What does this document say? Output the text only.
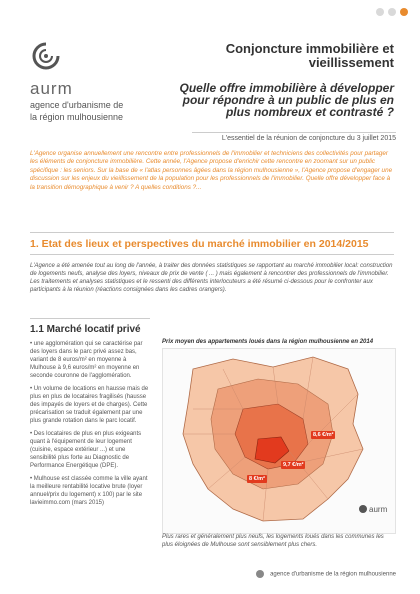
aurm
agence d'urbanisme de
la région mulhousienne
Conjoncture immobilière et vieillissement
Quelle offre immobilière à développer pour répondre à un public de plus en plus nombreux et contrasté ?
L'essentiel de la réunion de conjoncture du 3 juillet 2015
L'Agence organise annuellement une rencontre entre professionnels de l'immobilier et techniciens des collectivités pour partager les éléments de conjoncture immobilière. Cette année, l'Agence propose d'enrichir cette rencontre en zoomant sur un public spécifique : les seniors. Sur la base de « l'atlas personnes âgées dans la région mulhousienne », l'Agence propose d'engager une discussion sur les enjeux du vieillissement de la population pour les professionnels de l'immobilier. Quelle offre développer face à la transition démographique à venir ? A quelles conditions ?...
1. Etat des lieux et perspectives du marché immobilier en 2014/2015
L'Agence a été amenée tout au long de l'année, à traiter des données statistiques se rapportant au marché immobilier local: construction de logements neufs, analyse des loyers, niveaux de prix de vente ( ... ) mais également à rencontrer des professionnels de l'immobilier. Les traitements et analyses statistiques et le ressenti des différents interlocuteurs a été résumé ci-dessous pour le confronter aux participants à la réunion (réactions consignées dans les cadres orangers).
1.1 Marché locatif privé
• une agglomération qui se caractérise par des loyers dans le parc privé assez bas, variant de 8 euros/m² en moyenne à Mulhouse à 9,6 euros/m² en moyenne en seconde couronne de l'agglomération.
• Un volume de locations en hausse mais de plus en plus de locataires fragilisés (hausse des impayés de loyers et de charges). Cette précarisation se traduit également par une plus grande rotation dans le parc locatif.
• Des locataires de plus en plus exigeants quant à l'équipement de leur logement (cuisine, espace extérieur ...) et une sensibilité plus forte au Diagnostic de Performance Energétique (DPE).
• Mulhouse est classée comme la ville ayant la meilleure rentabilité locative brute (loyer annuel/prix du logement) x 100) par le site lavieimmo.com (mars 2015)
Prix moyen des appartements loués dans la région mulhousienne en 2014
aurm
8,6 €/m²
9,7 €/m²
8 €/m²
Plus rares et généralement plus neufs, les logements loués dans les communes les plus éloignées de Mulhouse sont sensiblement plus chers.
agence d'urbanisme de la région mulhousienne
